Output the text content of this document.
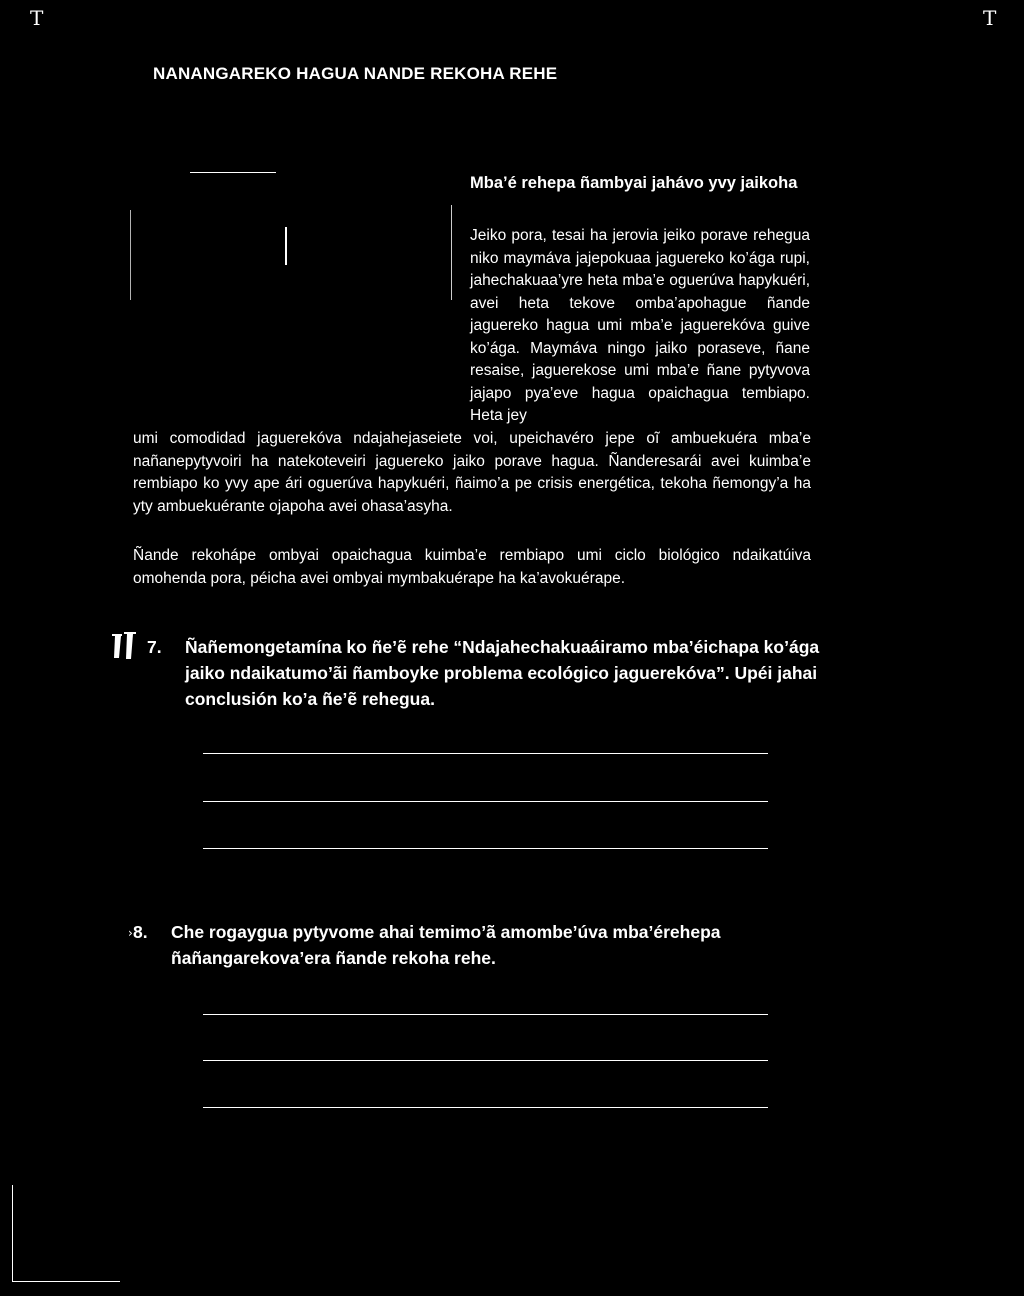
T	T
NANANGAREKO HAGUA NANDE REKOHA REHE
Mba’é rehepa ñambyai jahávo yvy jaikoha

Jeiko pora, tesai ha jerovia jeiko porave rehegua niko maymáva jajepokuaa jaguereko ko’ága rupi, jahechakuaa’yre heta mba’e oguerúva hapykuéri, avei heta tekove omba’apohague ñande jaguereko hagua umi mba’e jaguerekóva guive ko’ága. Maymáva ningo jaiko poraseve, ñane resaise, jaguerekose umi mba’e ñane pytyvova jajapo pya’eve hagua opaichagua tembiapo. Heta jey

umi comodidad jaguerekóva ndajahejaseiete voi, upeichavéro jepe oĩ ambuekuéra mba’e nañanepytyvoiri ha natekoteveiri jaguereko jaiko porave hagua. Ñanderesarái avei kuimba’e rembiapo ko yvy ape ári oguerúva hapykuéri, ñaimo’a pe crisis energética, tekoha ñemongy’a ha yty ambuekuérante ojapoha avei ohasa’asyha.

Ñande rekohápe ombyai opaichagua kuimba’e rembiapo umi ciclo biológico ndaikatúiva omohenda pora, péicha avei ombyai mymbakuérape ha ka’avokuérape.

7. Ñañemongetamína ko ñe’ẽ rehe “Ndajahechakuaáiramo mba’éichapa ko’ága jaiko ndaikatumo’ãi ñamboyke problema ecológico jaguerekóva”. Upéi jahai conclusión ko’a ñe’ẽ rehegua.
› 8. Che rogaygua pytyvome ahai temimo’ã amombe’úva mba’érehepa ñañangarekova’era ñande rekoha rehe.
